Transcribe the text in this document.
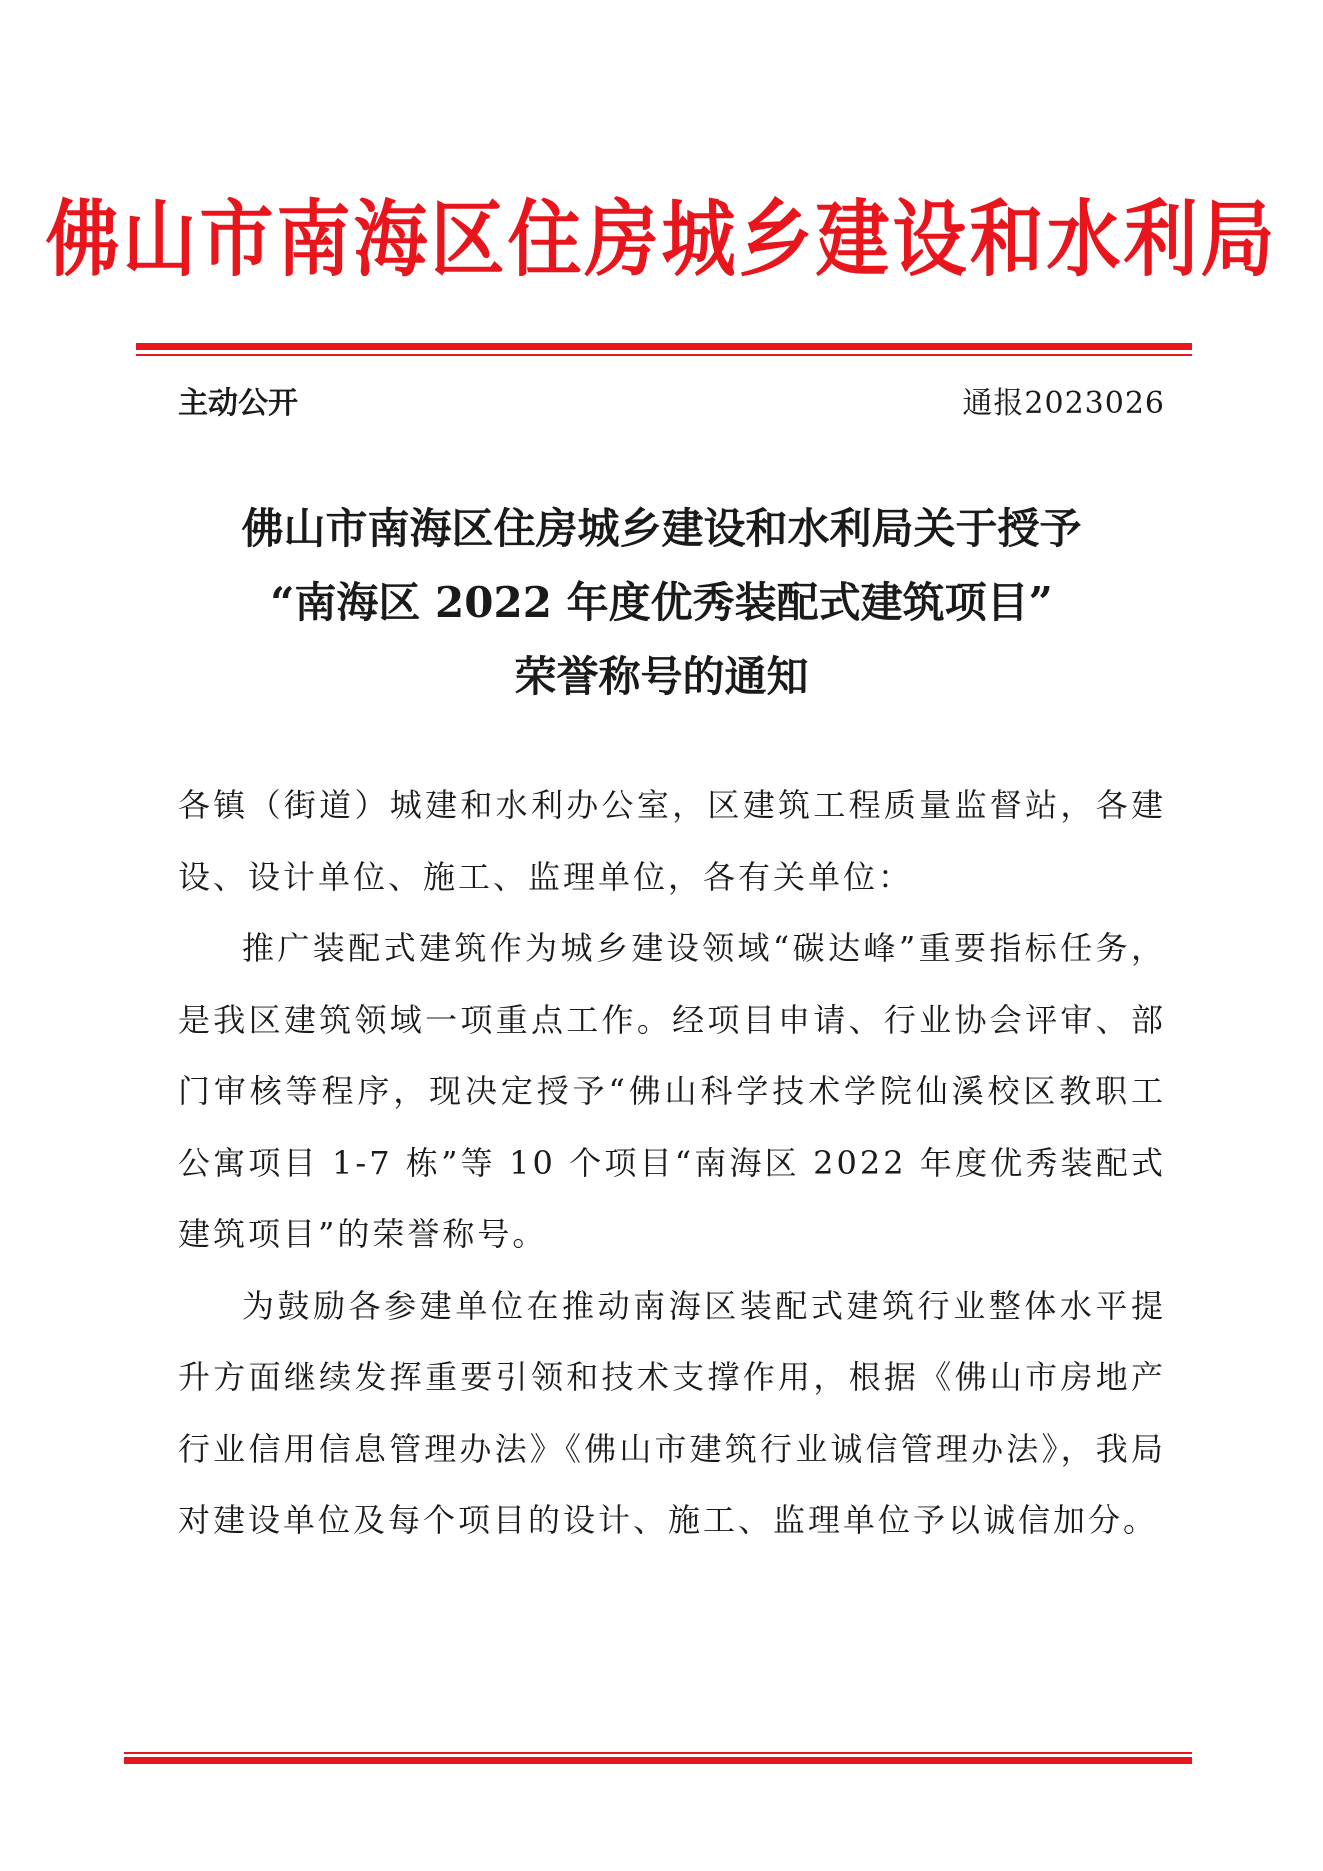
佛山市南海区住房城乡建设和水利局
主动公开	通报2023026
佛山市南海区住房城乡建设和水利局关于授予
“南海区 2022 年度优秀装配式建筑项目”
荣誉称号的通知

各镇（街道）城建和水利办公室，区建筑工程质量监督站，各建设、设计单位、施工、监理单位，各有关单位：

推广装配式建筑作为城乡建设领域“碳达峰”重要指标任务，是我区建筑领域一项重点工作。经项目申请、行业协会评审、部门审核等程序，现决定授予“佛山科学技术学院仙溪校区教职工公寓项目 1-7 栋”等 10 个项目“南海区 2022 年度优秀装配式建筑项目”的荣誉称号。

为鼓励各参建单位在推动南海区装配式建筑行业整体水平提升方面继续发挥重要引领和技术支撑作用，根据《佛山市房地产行业信用信息管理办法》《佛山市建筑行业诚信管理办法》，我局对建设单位及每个项目的设计、施工、监理单位予以诚信加分。
